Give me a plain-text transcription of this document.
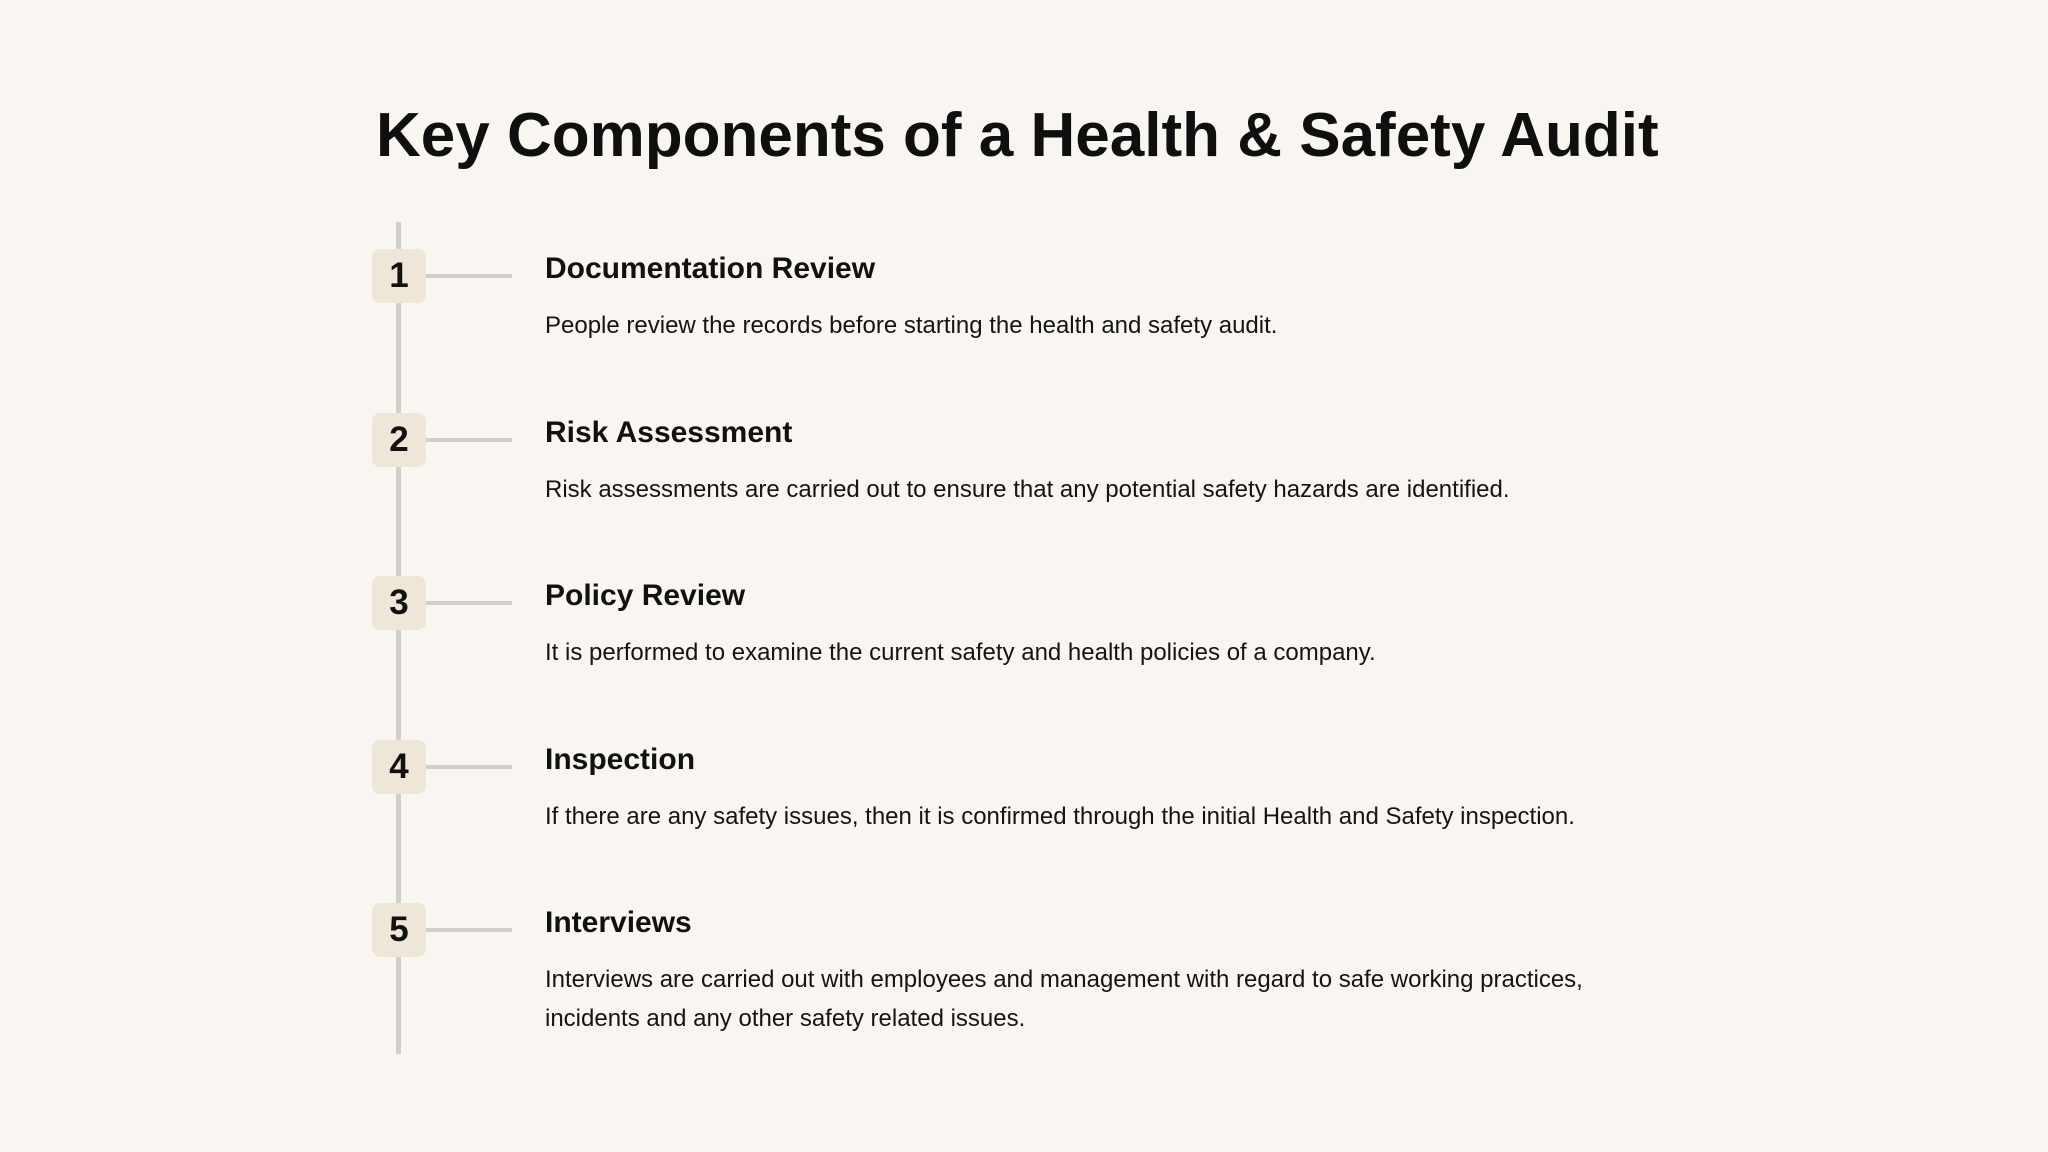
Key Components of a Health & Safety Audit
1	Documentation Review

People review the records before starting the health and safety audit.

2	Risk Assessment

Risk assessments are carried out to ensure that any potential safety hazards are identified.

3	Policy Review

It is performed to examine the current safety and health policies of a company.

4	Inspection

If there are any safety issues, then it is confirmed through the initial Health and Safety inspection.

5	Interviews

Interviews are carried out with employees and management with regard to safe working practices, incidents and any other safety related issues.
